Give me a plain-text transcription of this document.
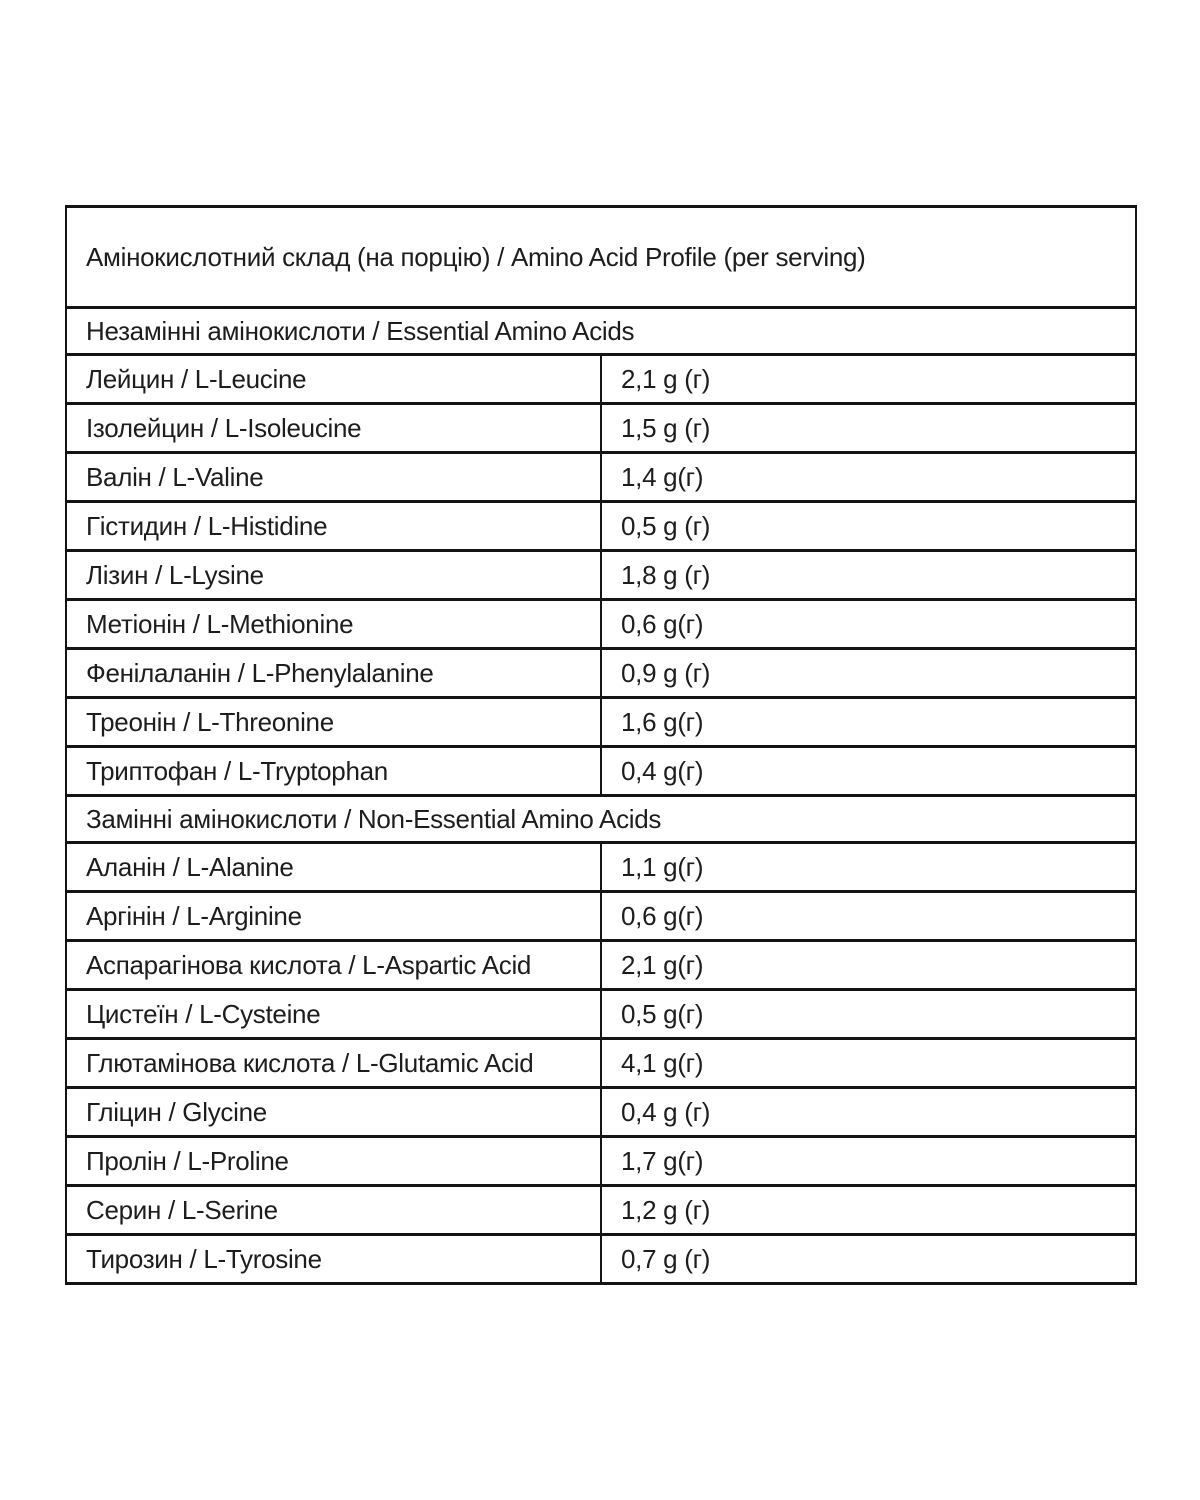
Амінокислотний склад (на порцію) / Amino Acid Profile (per serving)	
Незамінні амінокислоти / Essential Amino Acids	
Лейцин / L-Leucine	2,1 g (г)
Ізолейцин / L-Isoleucine	1,5 g (г)
Валін / L-Valine	1,4 g(г)
Гістидин / L-Histidine	0,5 g (г)
Лізин / L-Lysine	1,8 g (г)
Метіонін / L-Methionine	0,6 g(г)
Фенілаланін / L-Phenylalanine	0,9 g (г)
Треонін / L-Threonine	1,6 g(г)
Триптофан / L-Tryptophan	0,4 g(г)
Замінні амінокислоти / Non-Essential Amino Acids	
Аланін / L-Alanine	1,1 g(г)
Аргінін / L-Arginine	0,6 g(г)
Аспарагінова кислота / L-Aspartic Acid	2,1 g(г)
Цистеїн / L-Cysteine	0,5 g(г)
Глютамінова кислота / L-Glutamic Acid	4,1 g(г)
Гліцин / Glycine	0,4 g (г)
Пролін / L-Proline	1,7 g(г)
Серин / L-Serine	1,2 g (г)
Тирозин / L-Tyrosine	0,7 g (г)
